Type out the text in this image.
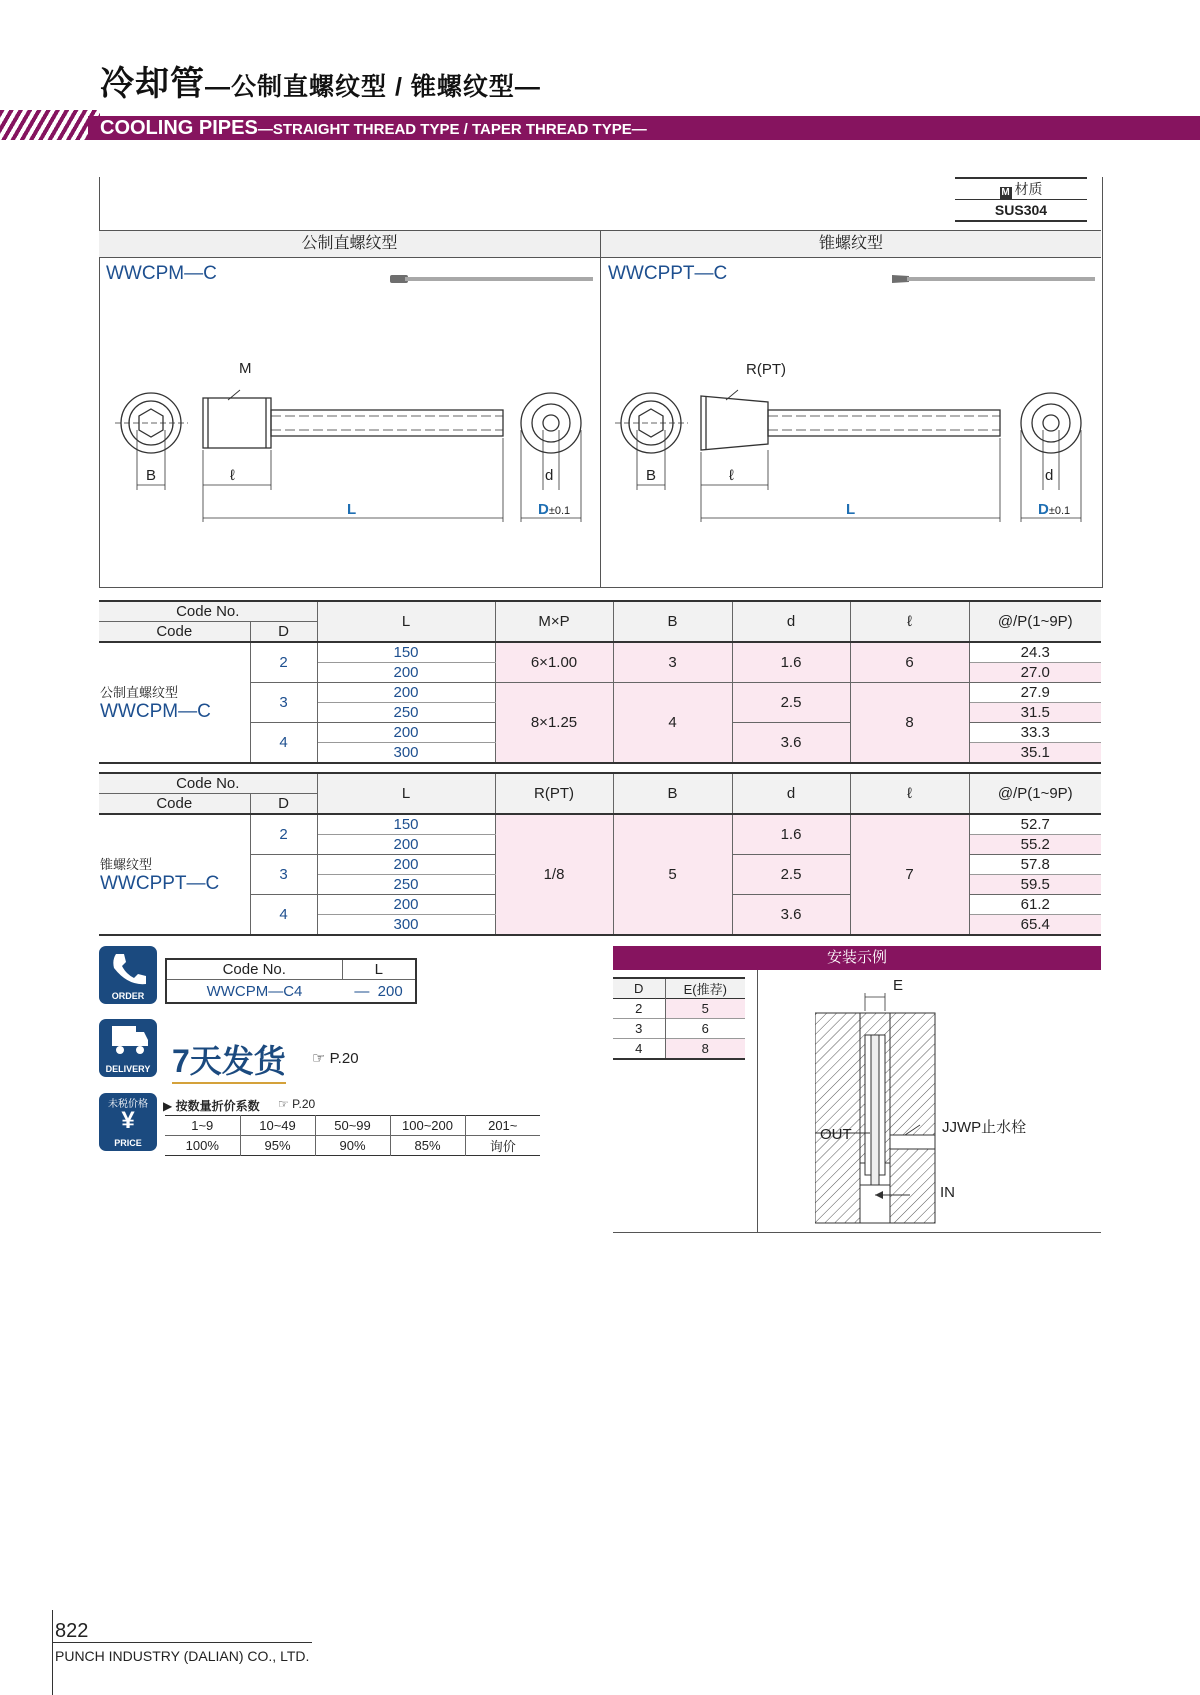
冷却管—公制直螺纹型 / 锥螺纹型—
COOLING PIPES—STRAIGHT THREAD TYPE / TAPER THREAD TYPE—
M 材质
SUS304
公制直螺纹型	锥螺纹型
WWCPM—C	WWCPPT—C
M
B	ℓ
L
d
D±0.1
R(PT)
B	ℓ
L
d
D±0.1
Code No.		L	M×P	B	d	ℓ	@/P(1~9P)
Code	D						

公制直螺纹型
WWCPM—C	2	150	6×1.00	3	1.6	6	24.3
		200					27.0
	3	200	8×1.25	4	2.5	8	27.9
		250					31.5
	4	200			3.6		33.3
		300					35.1
Code No.		L	R(PT)	B	d	ℓ	@/P(1~9P)
Code	D						

锥螺纹型
WWCPPT—C	2	150	1/8	5	1.6	7	52.7
		200					55.2
	3	200			2.5		57.8
		250					59.5
	4	200			3.6		61.2
		300					65.4
ORDER
Code No.	L
WWCPM—C4	— 200
DELIVERY 7天发货 ☞ P.20
未税价格
¥
PRICE
▶ 按数量折价系数 ☞ P.20
1~9	10~49	50~99	100~200	201~
100%	95%	90%	85%	询价
安装示例
D	E(推荐)
2	5
3	6
4	8
E
OUT
IN
JJWP止水栓
822
PUNCH INDUSTRY (DALIAN) CO., LTD.
